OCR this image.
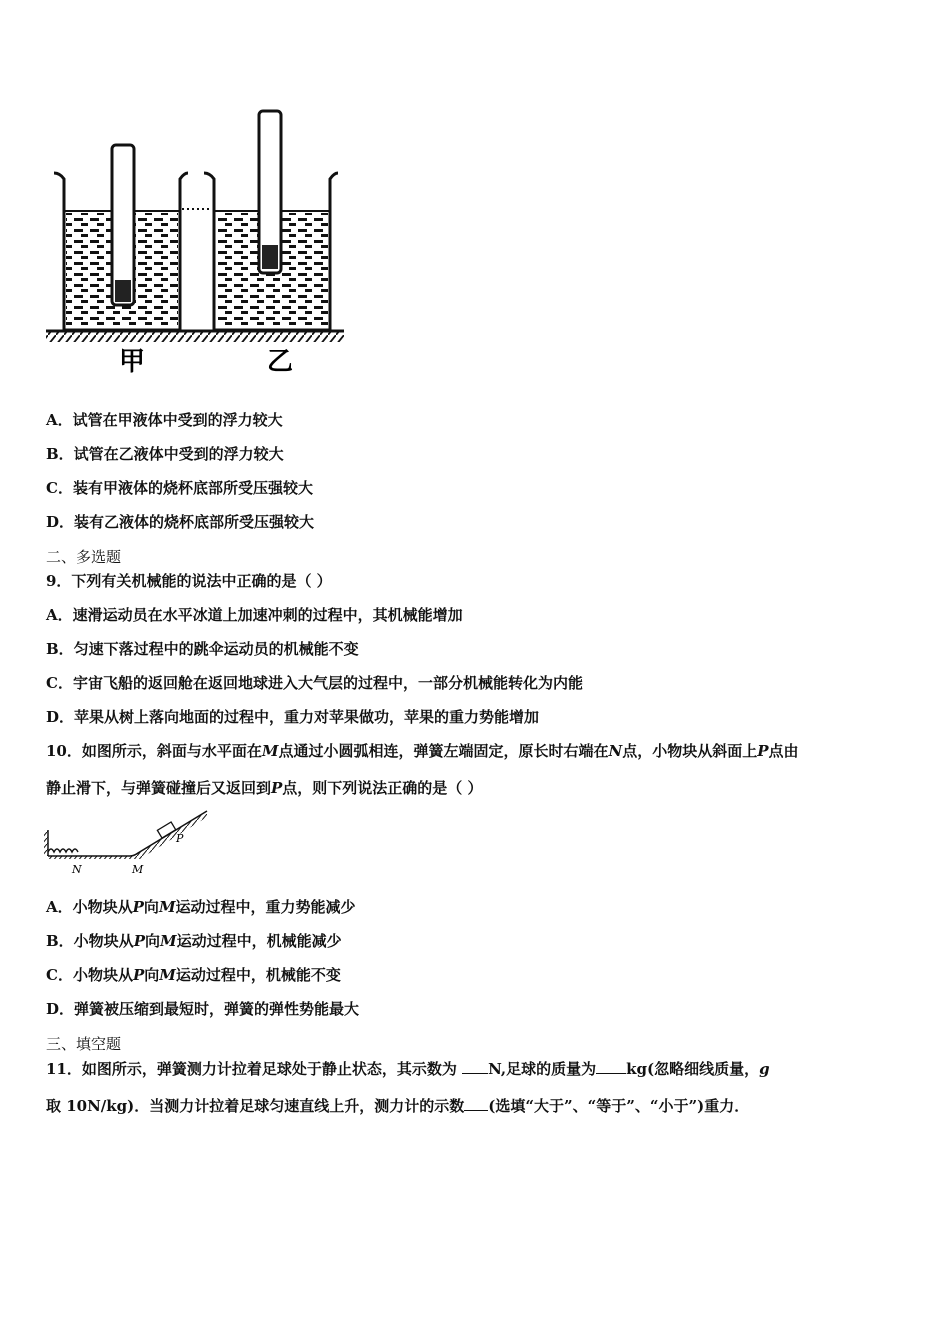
甲	乙
A．试管在甲液体中受到的浮力较大
B．试管在乙液体中受到的浮力较大
C．装有甲液体的烧杯底部所受压强较大
D．装有乙液体的烧杯底部所受压强较大
二、多选题
9．下列有关机械能的说法中正确的是（ ）
A．速滑运动员在水平冰道上加速冲刺的过程中，其机械能增加
B．匀速下落过程中的跳伞运动员的机械能不变
C．宇宙飞船的返回舱在返回地球进入大气层的过程中，一部分机械能转化为内能
D．苹果从树上落向地面的过程中，重力对苹果做功，苹果的重力势能增加
10．如图所示，斜面与水平面在M点通过小圆弧相连，弹簧左端固定，原长时右端在N点，小物块从斜面上P点由
静止滑下，与弹簧碰撞后又返回到P点，则下列说法正确的是（ ）
P
N	M
A．小物块从P向M运动过程中，重力势能减少
B．小物块从P向M运动过程中，机械能减少
C．小物块从P向M运动过程中，机械能不变
D．弹簧被压缩到最短时，弹簧的弹性势能最大
三、填空题
11．如图所示，弹簧测力计拉着足球处于静止状态，其示数为 N,足球的质量为 kg(忽略细线质量，g
取 10N/kg)．当测力计拉着足球匀速直线上升，测力计的示数 (选填“大于”、“等于”、“小于”)重力．
